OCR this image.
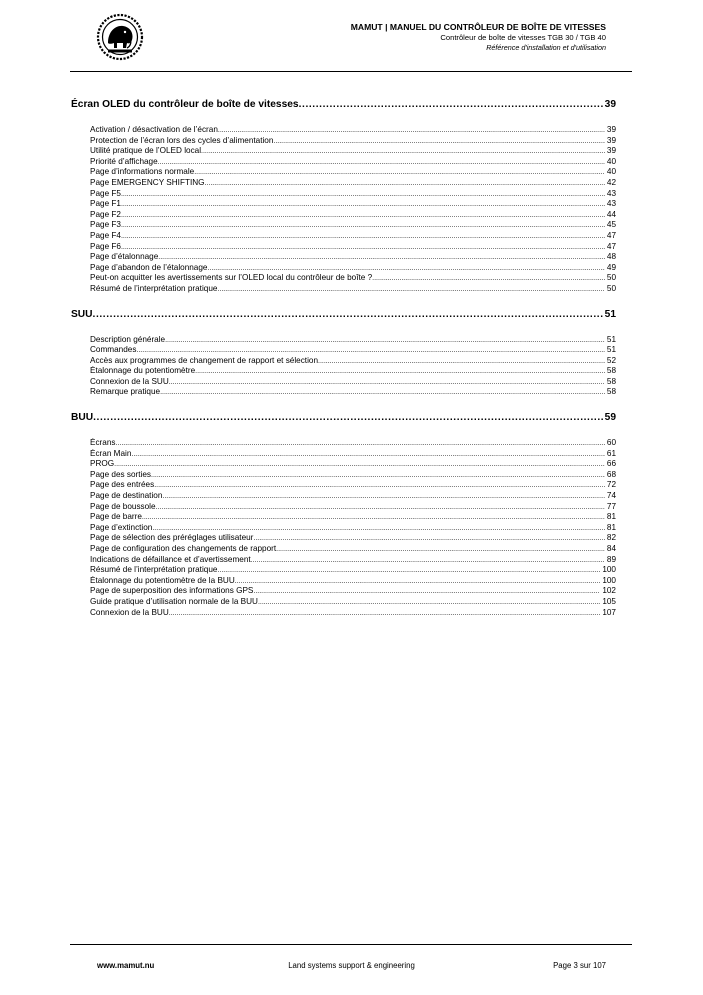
MAMUT | MANUEL DU CONTRÔLEUR DE BOÎTE DE VITESSES
Contrôleur de boîte de vitesses TGB 30 / TGB 40
Référence d'installation et d'utilisation
Écran OLED du contrôleur de boîte de vitesses .....	39
Activation / désactivation de l’écran .....	39
Protection de l’écran lors des cycles d’alimentation .....	39
Utilité pratique de l’OLED local .....	39
Priorité d’affichage .....	40
Page d’informations normale .....	40
Page EMERGENCY SHIFTING .....	42
Page F5 .....	43
Page F1 .....	43
Page F2 .....	44
Page F3 .....	45
Page F4 .....	47
Page F6 .....	47
Page d’étalonnage .....	48
Page d’abandon de l’étalonnage .....	49
Peut-on acquitter les avertissements sur l’OLED local du contrôleur de boîte ? .....	50
Résumé de l’interprétation pratique .....	50
SUU .....	51
Description générale .....	51
Commandes .....	51
Accès aux programmes de changement de rapport et sélection .....	52
Étalonnage du potentiomètre .....	58
Connexion de la SUU .....	58
Remarque pratique .....	58
BUU .....	59
Écrans .....	60
Écran Main .....	61
PROG .....	66
Page des sorties .....	68
Page des entrées .....	72
Page de destination .....	74
Page de boussole .....	77
Page de barre .....	81
Page d’extinction .....	81
Page de sélection des préréglages utilisateur .....	82
Page de configuration des changements de rapport .....	84
Indications de défaillance et d’avertissement .....	89
Résumé de l’interprétation pratique .....	100
Étalonnage du potentiomètre de la BUU .....	100
Page de superposition des informations GPS .....	102
Guide pratique d’utilisation normale de la BUU .....	105
Connexion de la BUU .....	107
www.mamut.nu	Land systems support & engineering	Page 3 sur 107
